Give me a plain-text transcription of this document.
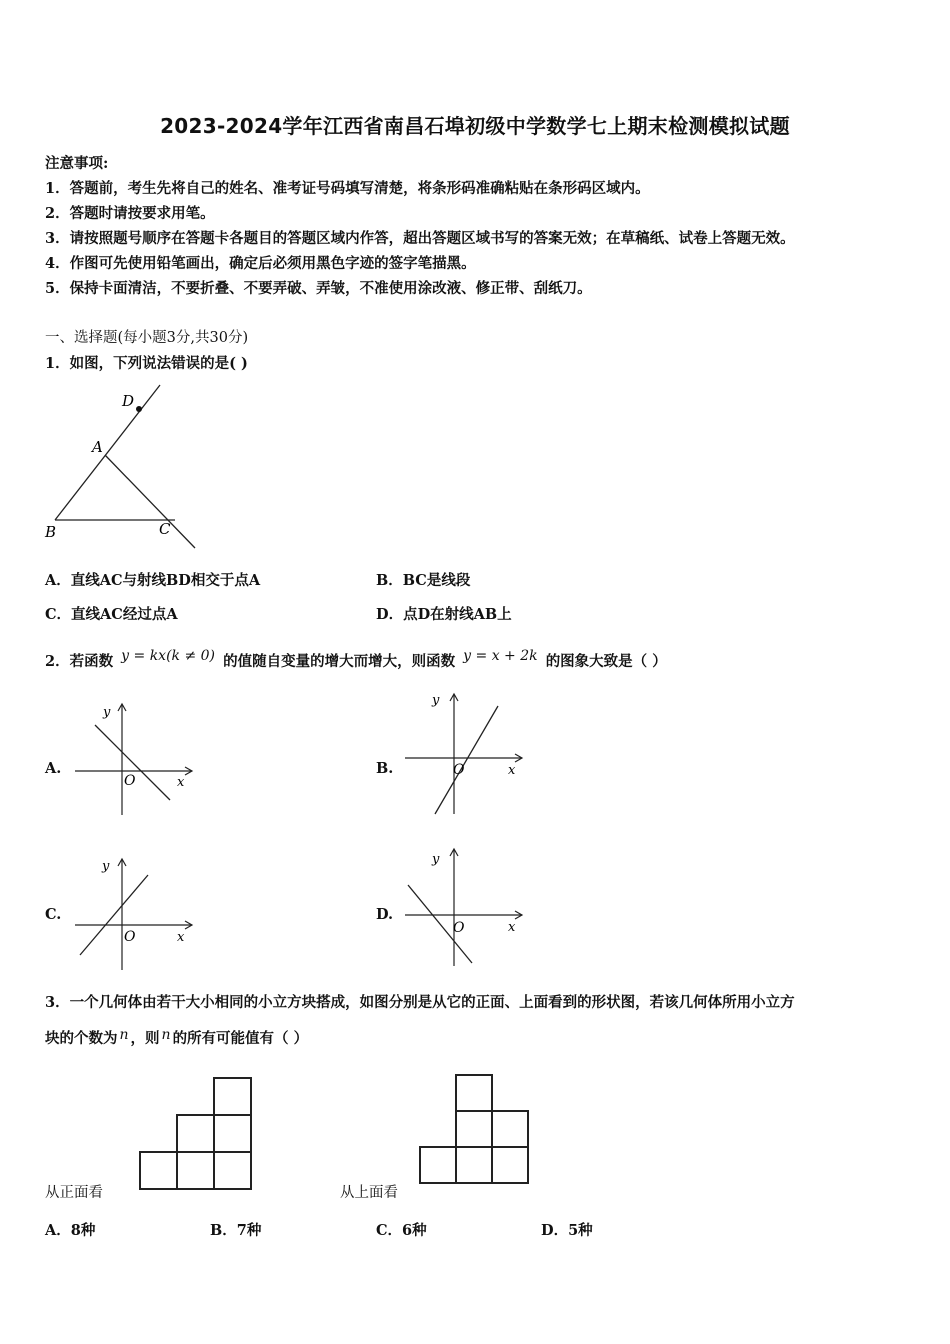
2023-2024学年江西省南昌石埠初级中学数学七上期末检测模拟试题
注意事项:
1．答题前，考生先将自己的姓名、准考证号码填写清楚，将条形码准确粘贴在条形码区域内。
2．答题时请按要求用笔。
3．请按照题号顺序在答题卡各题目的答题区域内作答，超出答题区域书写的答案无效；在草稿纸、试卷上答题无效。
4．作图可先使用铅笔画出，确定后必须用黑色字迹的签字笔描黑。
5．保持卡面清洁，不要折叠、不要弄破、弄皱，不准使用涂改液、修正带、刮纸刀。
一、选择题(每小题3分,共30分)
1．如图，下列说法错误的是( )
D
A
B	C
A．直线AC与射线BD相交于点A	B．BC是线段
C．直线AC经过点A	D．点D在射线AB上
2．若函数 y = kx(k ≠ 0) 的值随自变量的增大而增大，则函数 y = x + 2k 的图象大致是（ ）
A.
y
x
O
B.
y
x
O
C.
y
x
O
D.
y
x
O
3．一个几何体由若干大小相同的小立方块搭成，如图分别是从它的正面、上面看到的形状图，若该几何体所用小立方
块的个数为 n ，则 n 的所有可能值有（ ）
从正面看	从上面看
A．8种	B．7种	C．6种	D．5种
